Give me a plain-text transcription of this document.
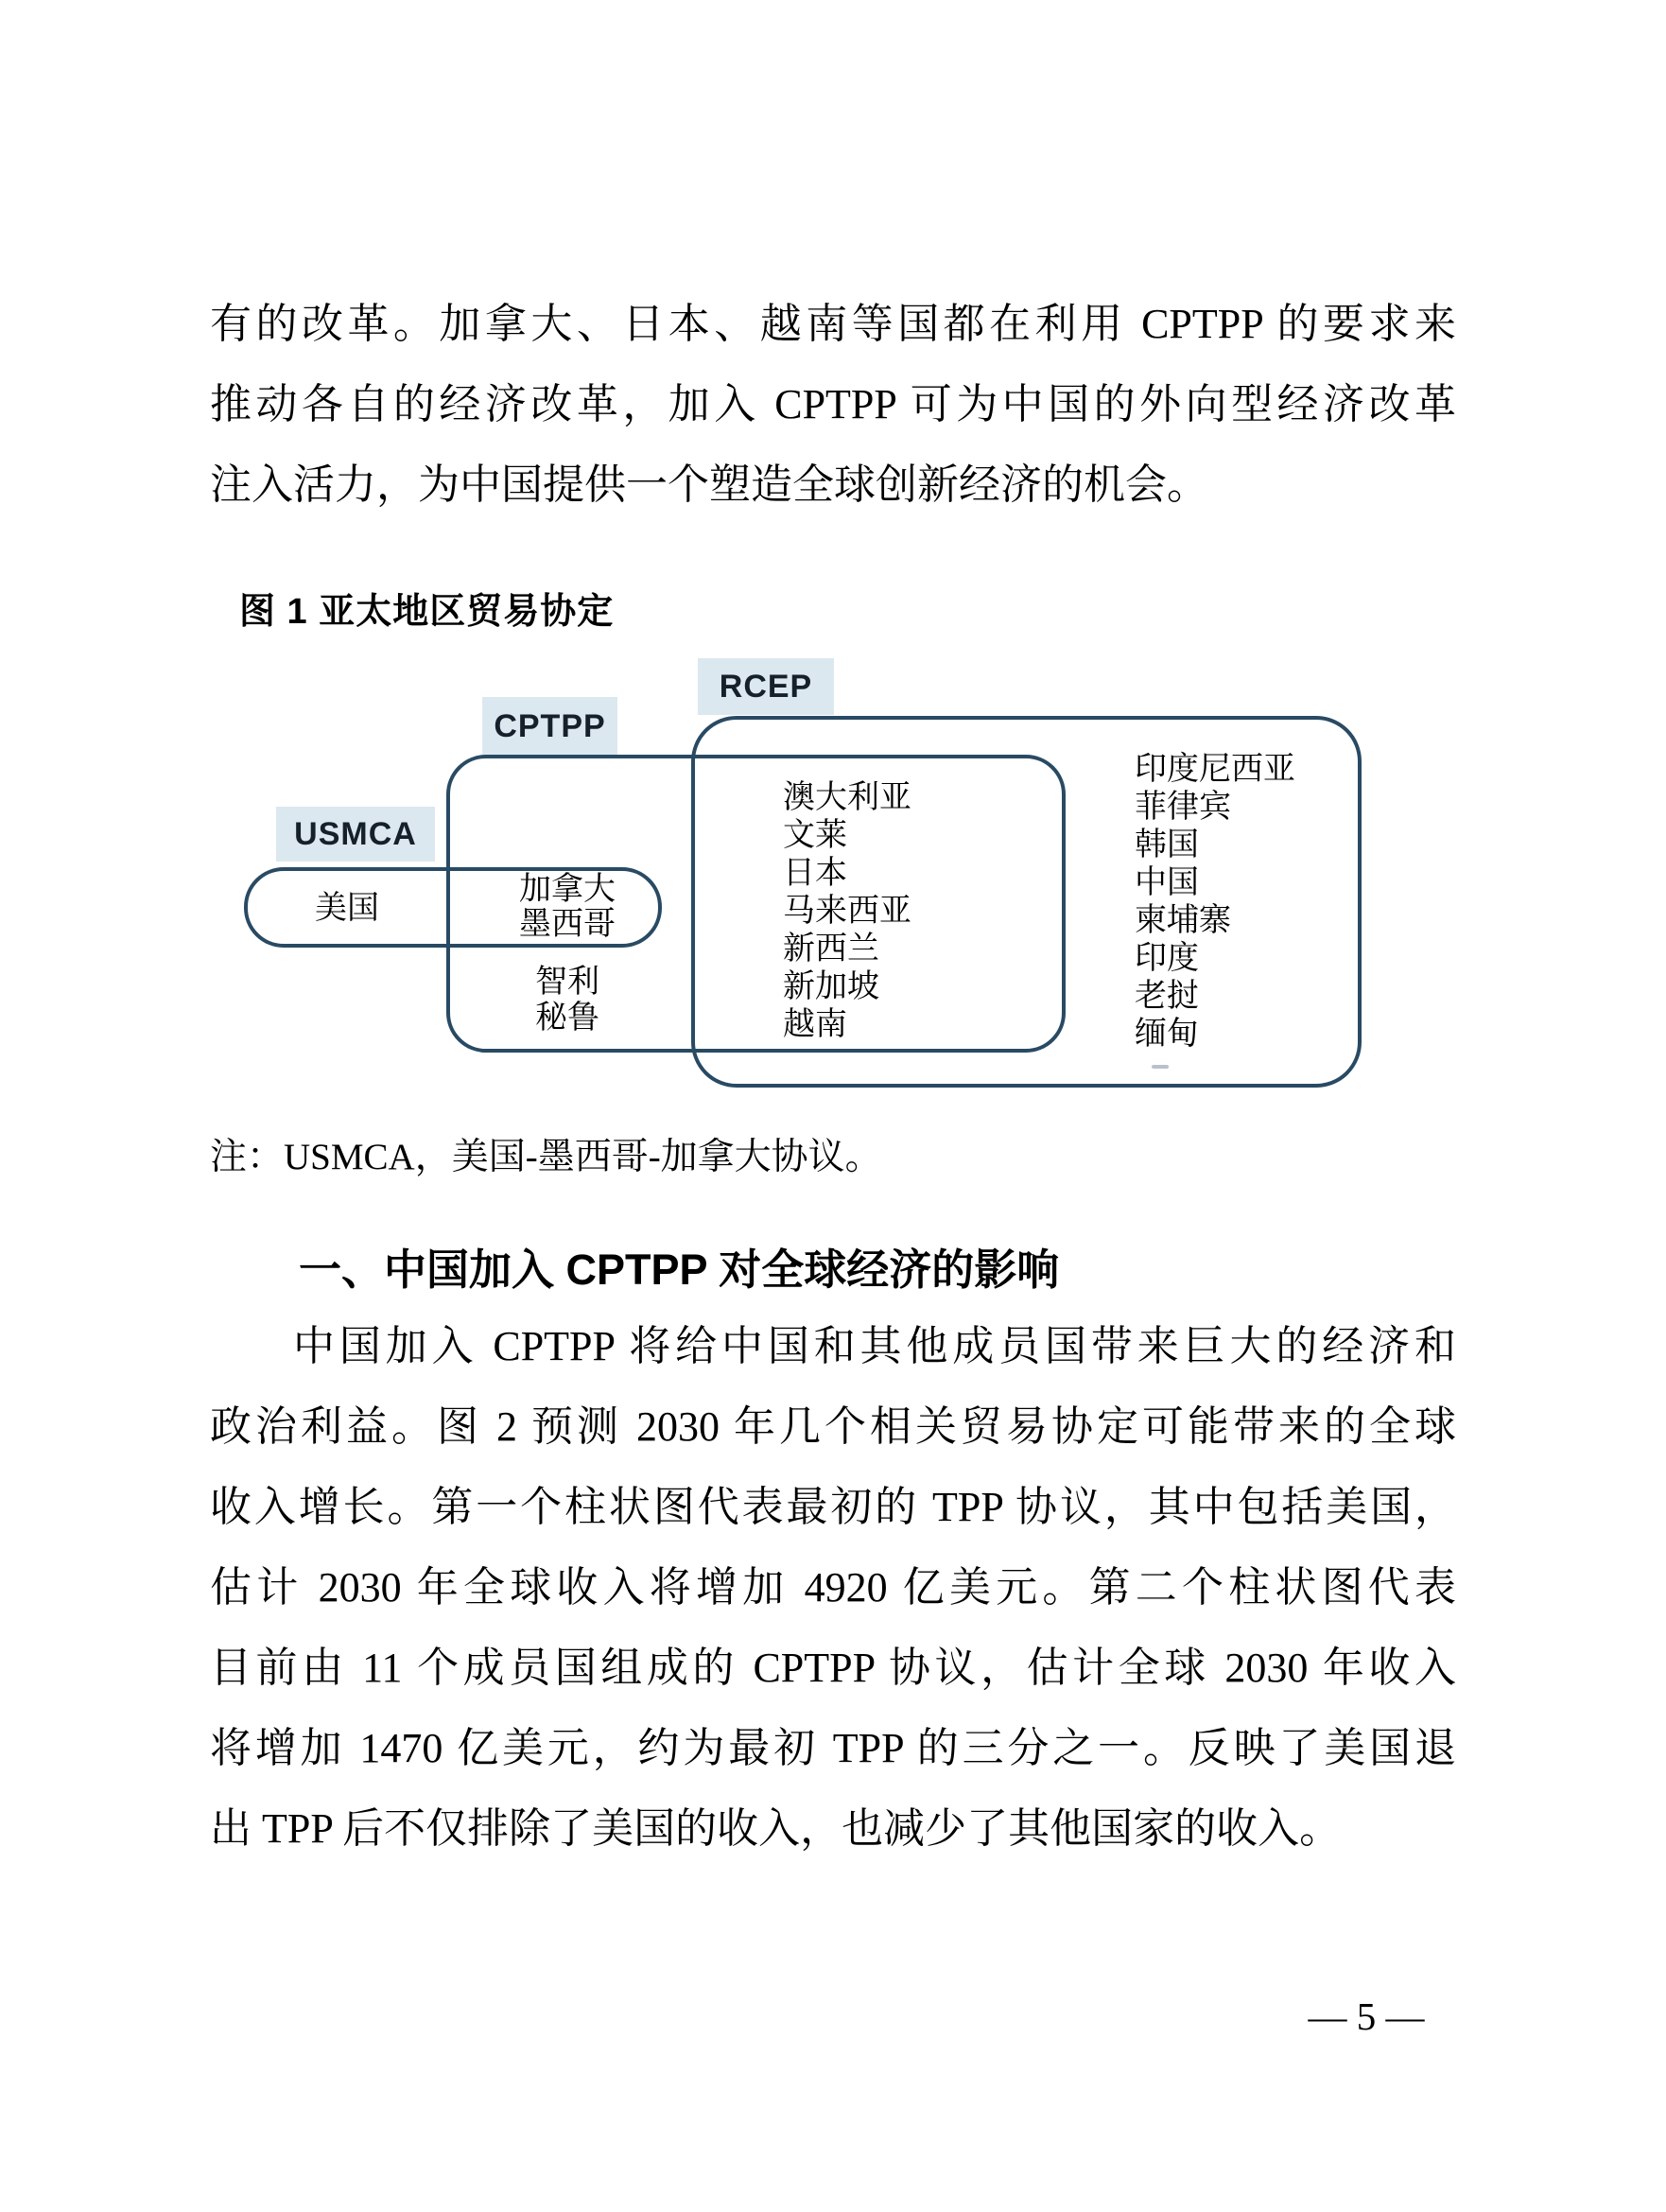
有的改革。加拿大、日本、越南等国都在利用 CPTPP 的要求来
推动各自的经济改革，加入 CPTPP 可为中国的外向型经济改革
注入活力，为中国提供一个塑造全球创新经济的机会。
图 1 亚太地区贸易协定
USMCA
CPTPP
RCEP
美国
加拿大
墨西哥
智利
秘鲁
澳大利亚
文莱
日本
马来西亚
新西兰
新加坡
越南
印度尼西亚
菲律宾
韩国
中国
柬埔寨
印度
老挝
缅甸
注：USMCA，美国-墨西哥-加拿大协议。
一、中国加入 CPTPP 对全球经济的影响
中国加入 CPTPP 将给中国和其他成员国带来巨大的经济和
政治利益。图 2 预测 2030 年几个相关贸易协定可能带来的全球
收入增长。第一个柱状图代表最初的 TPP 协议，其中包括美国，
估计 2030 年全球收入将增加 4920 亿美元。第二个柱状图代表
目前由 11 个成员国组成的 CPTPP 协议，估计全球 2030 年收入
将增加 1470 亿美元，约为最初 TPP 的三分之一。反映了美国退
出 TPP 后不仅排除了美国的收入，也减少了其他国家的收入。
— 5 —
